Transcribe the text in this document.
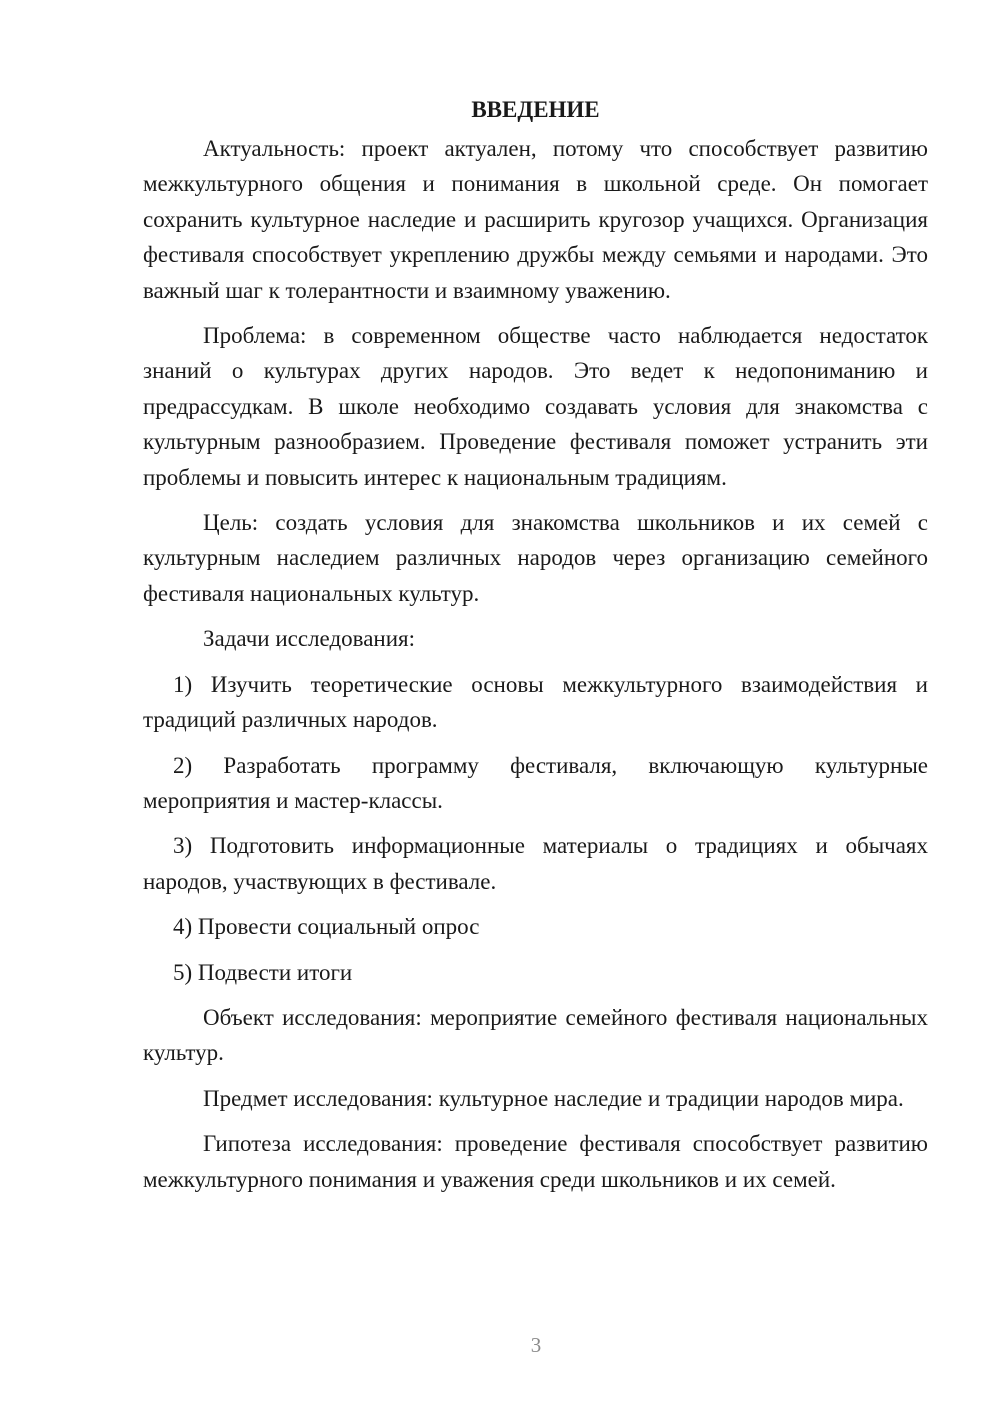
ВВЕДЕНИЕ

Актуальность: проект актуален, потому что способствует развитию межкультурного общения и понимания в школьной среде. Он помогает сохранить культурное наследие и расширить кругозор учащихся. Организация фестиваля способствует укреплению дружбы между семьями и народами. Это важный шаг к толерантности и взаимному уважению.

Проблема: в современном обществе часто наблюдается недостаток знаний о культурах других народов. Это ведет к недопониманию и предрассудкам. В школе необходимо создавать условия для знакомства с культурным разнообразием. Проведение фестиваля поможет устранить эти проблемы и повысить интерес к национальным традициям.

Цель: создать условия для знакомства школьников и их семей с культурным наследием различных народов через организацию семейного фестиваля национальных культур.

Задачи исследования:

1) Изучить теоретические основы межкультурного взаимодействия и традиций различных народов.

2) Разработать программу фестиваля, включающую культурные мероприятия и мастер-классы.

3) Подготовить информационные материалы о традициях и обычаях народов, участвующих в фестивале.

4) Провести социальный опрос

5) Подвести итоги

Объект исследования: мероприятие семейного фестиваля национальных культур.

Предмет исследования: культурное наследие и традиции народов мира.

Гипотеза исследования: проведение фестиваля способствует развитию межкультурного понимания и уважения среди школьников и их семей.

3
